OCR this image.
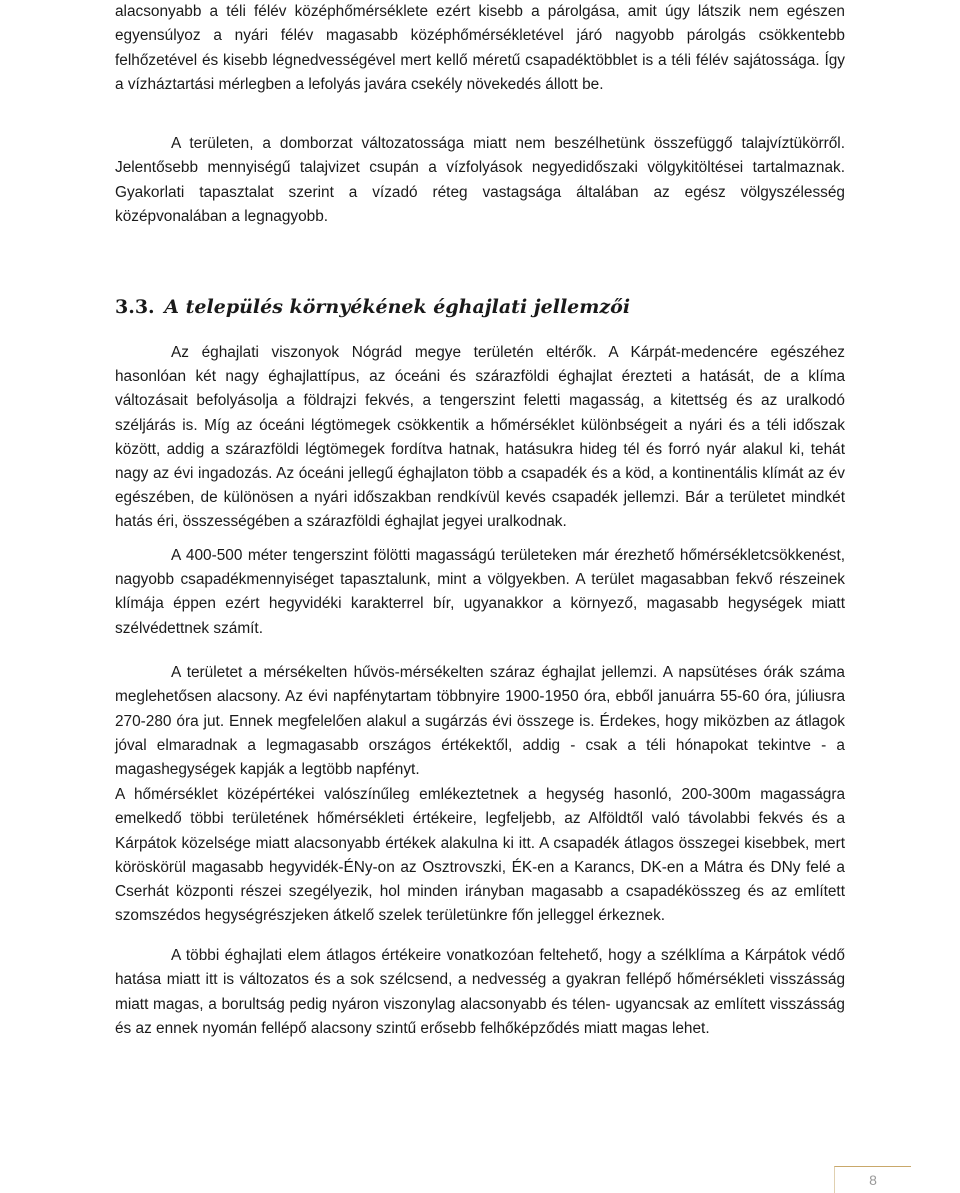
alacsonyabb a téli félév középhőmérséklete ezért kisebb a párolgása, amit úgy látszik nem egészen egyensúlyoz a nyári félév magasabb középhőmérsékletével járó nagyobb párolgás csökkentebb felhőzetével és kisebb légnedvességével mert kellő méretű csapadéktöbblet is a téli félév sajátossága. Így a vízháztartási mérlegben a lefolyás javára csekély növekedés állott be.

A területen, a domborzat változatossága miatt nem beszélhetünk összefüggő talajvíztükörről. Jelentősebb mennyiségű talajvizet csupán a vízfolyások negyedidőszaki völgykitöltései tartalmaznak. Gyakorlati tapasztalat szerint a vízadó réteg vastagsága általában az egész völgyszélesség középvonalában a legnagyobb.

3.3. A település környékének éghajlati jellemzői

Az éghajlati viszonyok Nógrád megye területén eltérők. A Kárpát-medencére egészéhez hasonlóan két nagy éghajlattípus, az óceáni és szárazföldi éghajlat érezteti a hatását, de a klíma változásait befolyásolja a földrajzi fekvés, a tengerszint feletti magasság, a kitettség és az uralkodó széljárás is. Míg az óceáni légtömegek csökkentik a hőmérséklet különbségeit a nyári és a téli időszak között, addig a szárazföldi légtömegek fordítva hatnak, hatásukra hideg tél és forró nyár alakul ki, tehát nagy az évi ingadozás. Az óceáni jellegű éghajlaton több a csapadék és a köd, a kontinentális klímát az év egészében, de különösen a nyári időszakban rendkívül kevés csapadék jellemzi. Bár a területet mindkét hatás éri, összességében a szárazföldi éghajlat jegyei uralkodnak.

A 400-500 méter tengerszint fölötti magasságú területeken már érezhető hőmérsékletcsökkenést, nagyobb csapadékmennyiséget tapasztalunk, mint a völgyekben. A terület magasabban fekvő részeinek klímája éppen ezért hegyvidéki karakterrel bír, ugyanakkor a környező, magasabb hegységek miatt szélvédettnek számít.

A területet a mérsékelten hűvös-mérsékelten száraz éghajlat jellemzi. A napsütéses órák száma meglehetősen alacsony. Az évi napfénytartam többnyire 1900-1950 óra, ebből januárra 55-60 óra, júliusra 270-280 óra jut. Ennek megfelelően alakul a sugárzás évi összege is. Érdekes, hogy miközben az átlagok jóval elmaradnak a legmagasabb országos értékektől, addig - csak a téli hónapokat tekintve - a magashegységek kapják a legtöbb napfényt.

A hőmérséklet középértékei valószínűleg emlékeztetnek a hegység hasonló, 200-300m magasságra emelkedő többi területének hőmérsékleti értékeire, legfeljebb, az Alföldtől való távolabbi fekvés és a Kárpátok közelsége miatt alacsonyabb értékek alakulna ki itt. A csapadék átlagos összegei kisebbek, mert köröskörül magasabb hegyvidék-ÉNy-on az Osztrovszki, ÉK-en a Karancs, DK-en a Mátra és DNy felé a Cserhát központi részei szegélyezik, hol minden irányban magasabb a csapadékösszeg és az említett szomszédos hegységrészjeken átkelő szelek területünkre főn jelleggel érkeznek.

A többi éghajlati elem átlagos értékeire vonatkozóan feltehető, hogy a szélklíma a Kárpátok védő hatása miatt itt is változatos és a sok szélcsend, a nedvesség a gyakran fellépő hőmérsékleti visszásság miatt magas, a borultság pedig nyáron viszonylag alacsonyabb és télen- ugyancsak az említett visszásság és az ennek nyomán fellépő alacsony szintű erősebb felhőképződés miatt magas lehet.

8
